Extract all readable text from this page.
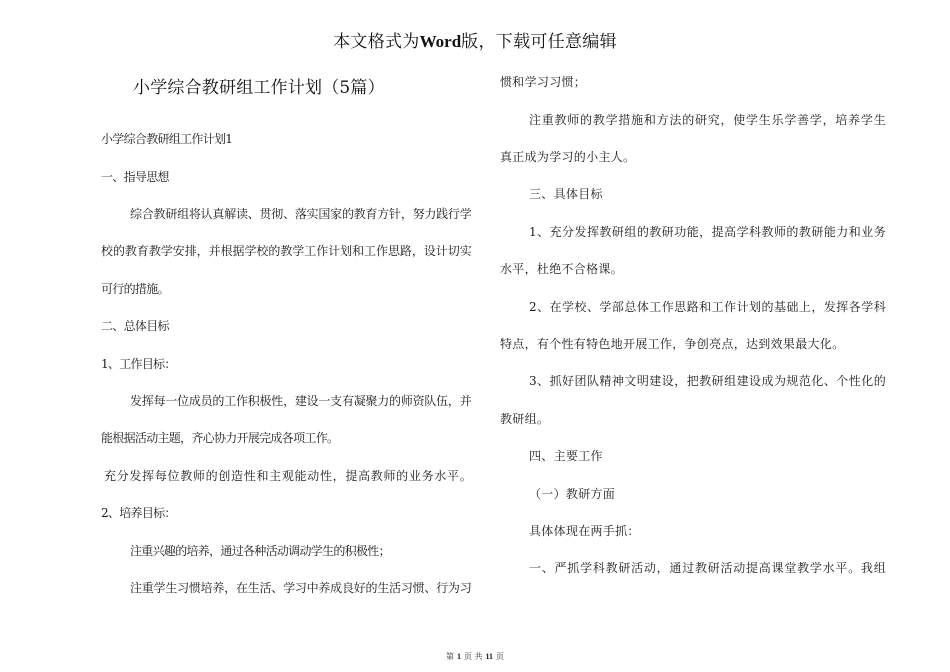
本文格式为Word版，下载可任意编辑
小学综合教研组工作计划（5篇）
小学综合教研组工作计划1
一、指导思想
综合教研组将认真解读、贯彻、落实国家的教育方针，努力践行学
校的教育教学安排，并根据学校的教学工作计划和工作思路，设计切实
可行的措施。
二、总体目标
1、工作目标：
发挥每一位成员的工作积极性，建设一支有凝聚力的师资队伍，并
能根据活动主题，齐心协力开展完成各项工作。
充分发挥每位教师的创造性和主观能动性，提高教师的业务水平。
2、培养目标：
注重兴趣的培养，通过各种活动调动学生的积极性；
注重学生习惯培养，在生活、学习中养成良好的生活习惯、行为习
惯和学习习惯；
注重教师的教学措施和方法的研究，使学生乐学善学，培养学生
真正成为学习的小主人。
三、具体目标
1、充分发挥教研组的教研功能，提高学科教师的教研能力和业务
水平，杜绝不合格课。
2、在学校、学部总体工作思路和工作计划的基础上，发挥各学科
特点，有个性有特色地开展工作，争创亮点，达到效果最大化。
3、抓好团队精神文明建设，把教研组建设成为规范化、个性化的
教研组。
四、主要工作
（一）教研方面
具体体现在两手抓：
一、严抓学科教研活动，通过教研活动提高课堂教学水平。我组
第 1 页 共 11 页
